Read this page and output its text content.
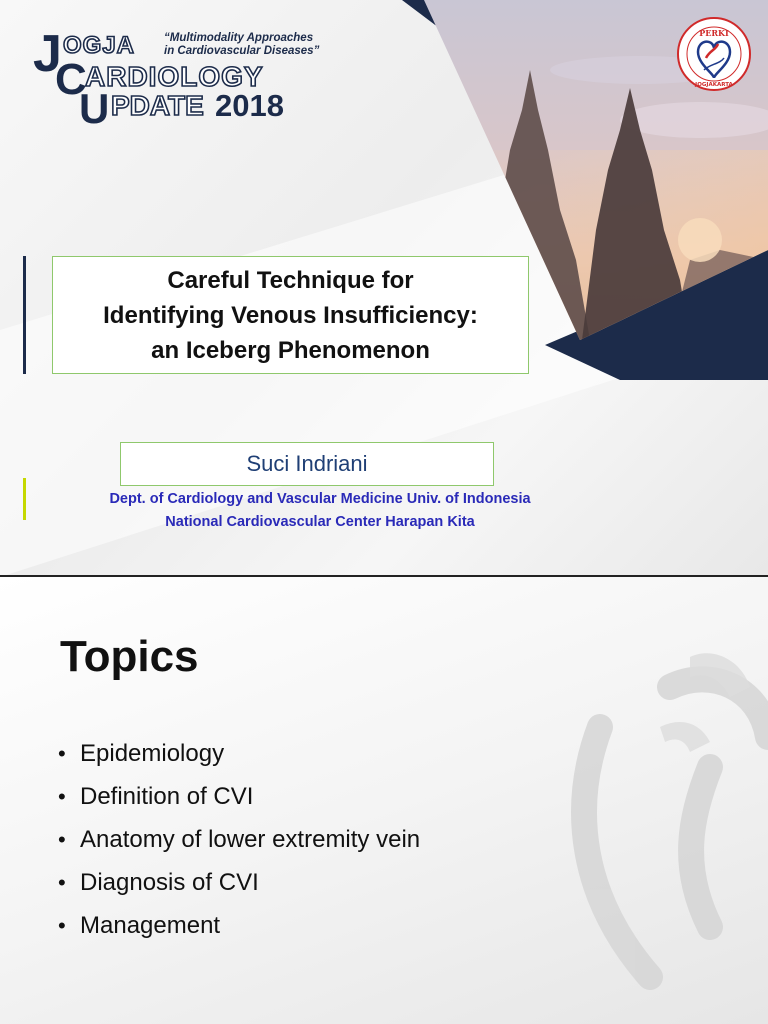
J OGJA
C
ARDIOLOGY
U PDATE 2018
“Multimodality Approaches
in Cardiovascular Diseases”
PERKI
JOGJAKARTA

Careful Technique for
Identifying Venous Insufficiency:
an Iceberg Phenomenon

Suci Indriani
Dept. of Cardiology and Vascular Medicine Univ. of Indonesia
National Cardiovascular Center Harapan Kita
Topics
• Epidemiology
• Definition of CVI
• Anatomy of lower extremity vein
• Diagnosis of CVI
• Management
